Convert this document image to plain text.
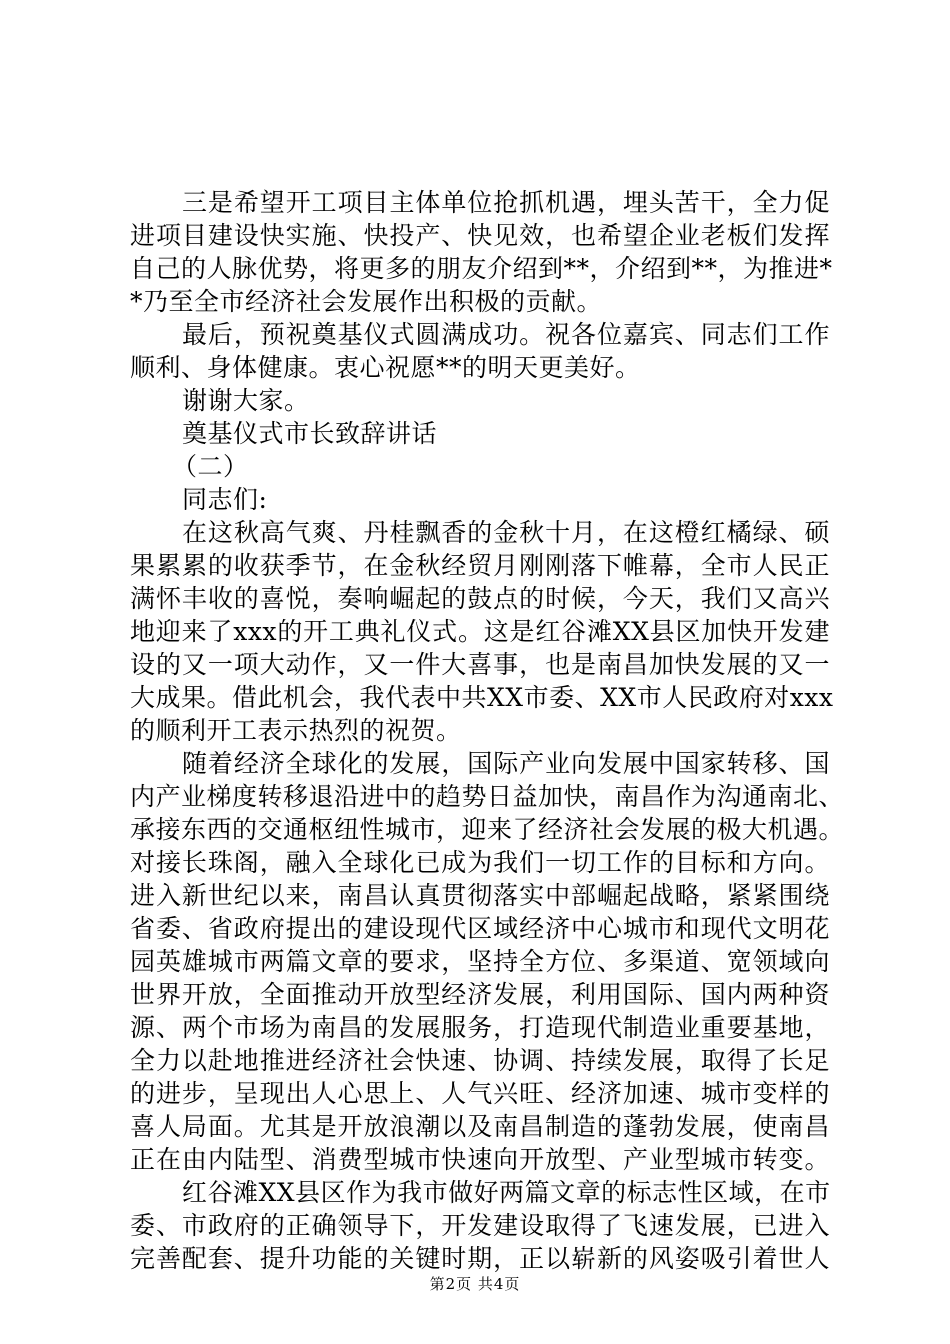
三是希望开工项目主体单位抢抓机遇，埋头苦干，全力促
进项目建设快实施、快投产、快见效，也希望企业老板们发挥
自己的人脉优势，将更多的朋友介绍到**，介绍到**，为推进*
*乃至全市经济社会发展作出积极的贡献。
最后，预祝奠基仪式圆满成功。祝各位嘉宾、同志们工作
顺利、身体健康。衷心祝愿**的明天更美好。
谢谢大家。
奠基仪式市长致辞讲话
（二）
同志们:
在这秋高气爽、丹桂飘香的金秋十月，在这橙红橘绿、硕
果累累的收获季节，在金秋经贸月刚刚落下帷幕，全市人民正
满怀丰收的喜悦，奏响崛起的鼓点的时候，今天，我们又高兴
地迎来了xxx的开工典礼仪式。这是红谷滩XX县区加快开发建
设的又一项大动作，又一件大喜事，也是南昌加快发展的又一
大成果。借此机会，我代表中共XX市委、XX市人民政府对xxx
的顺利开工表示热烈的祝贺。
随着经济全球化的发展，国际产业向发展中国家转移、国
内产业梯度转移退沿进中的趋势日益加快，南昌作为沟通南北、
承接东西的交通枢纽性城市，迎来了经济社会发展的极大机遇。
对接长珠阁，融入全球化已成为我们一切工作的目标和方向。
进入新世纪以来，南昌认真贯彻落实中部崛起战略，紧紧围绕
省委、省政府提出的建设现代区域经济中心城市和现代文明花
园英雄城市两篇文章的要求，坚持全方位、多渠道、宽领域向
世界开放，全面推动开放型经济发展，利用国际、国内两种资
源、两个市场为南昌的发展服务，打造现代制造业重要基地，
全力以赴地推进经济社会快速、协调、持续发展，取得了长足
的进步，呈现出人心思上、人气兴旺、经济加速、城市变样的
喜人局面。尤其是开放浪潮以及南昌制造的蓬勃发展，使南昌
正在由内陆型、消费型城市快速向开放型、产业型城市转变。
红谷滩XX县区作为我市做好两篇文章的标志性区域，在市
委、市政府的正确领导下，开发建设取得了飞速发展，已进入
完善配套、提升功能的关键时期，正以崭新的风姿吸引着世人
第2页 共4页
